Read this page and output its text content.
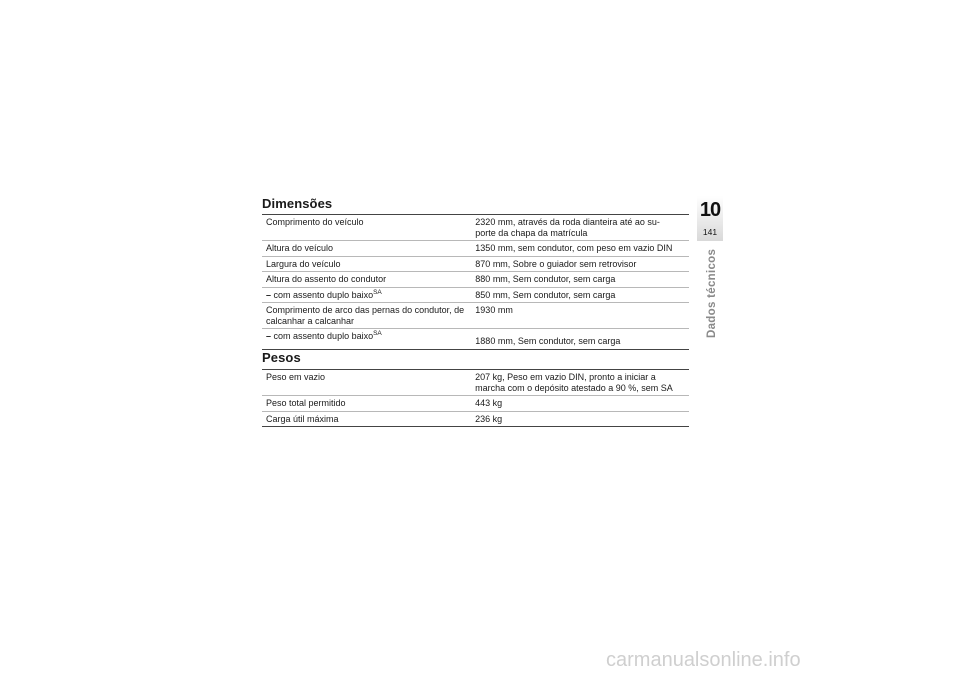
Dimensões
Comprimento do veículo	2320 mm, através da roda dianteira até ao su-
porte da chapa da matrícula
Altura do veículo	1350 mm, sem condutor, com peso em vazio DIN
Largura do veículo	870 mm, Sobre o guiador sem retrovisor
Altura do assento do condutor	880 mm, Sem condutor, sem carga
– com assento duplo baixo$^{SA}$	850 mm, Sem condutor, sem carga
Comprimento de arco das pernas do condutor, de calcanhar a calcanhar	1930 mm
– com assento duplo baixo$^{SA}$	1880 mm, Sem condutor, sem carga
Pesos
Peso em vazio	207 kg, Peso em vazio DIN, pronto a iniciar a marcha com o depósito atestado a 90 %, sem SA
Peso total permitido	443 kg
Carga útil máxima	236 kg
10
141
Dados técnicos
carmanualsonline.info
